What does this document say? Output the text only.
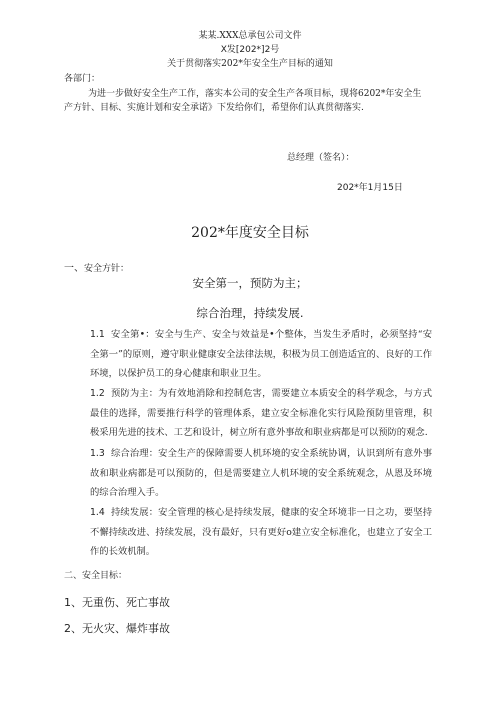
某某.XXX总承包公司文件
X发[202*]2号
关于贯彻落实202*年安全生产目标的通知
各部门：
为进一步做好安全生产工作，落实本公司的安全生产各项目标，现将6202*年安全生
产方针、目标、实施计划和安全承诺》下发给你们，希望你们认真贯彻落实.
总经理（签名）：
202*年1月15日
202*年度安全目标
一、安全方针：
安全第一，预防为主；
综合治理，持续发展.
1.1 安全第•：安全与生产、安全与效益是•个整体，当发生矛盾时，必须坚持“安全第一”的原则，遵守职业健康安全法律法规，积极为员工创造适宜的、良好的工作环境，以保护员工的身心健康和职业卫生。
1.2 预防为主：为有效地消除和控制危害，需要建立本质安全的科学观念，与方式最佳的选择，需要推行科学的管理体系，建立安全标准化实行风险预防里管理，积极采用先进的技术、工艺和设计，树立所有意外事故和职业病都是可以预防的观念.
1.3 综合治理：安全生产的保障需要人机环境的安全系统协调，认识到所有意外事故和职业病都是可以预防的，但是需要建立人机环境的安全系统观念，从恩及环境的综合治理入手。
1.4 持续发展：安全管理的核心是持续发展，健康的安全环境非一日之功，要坚持不懈持续改进、持续发展，没有最好，只有更好o建立安全标准化，也建立了安全工作的长效机制。
二、安全目标：
1、无重伤、死亡事故
2、无火灾、爆炸事故
